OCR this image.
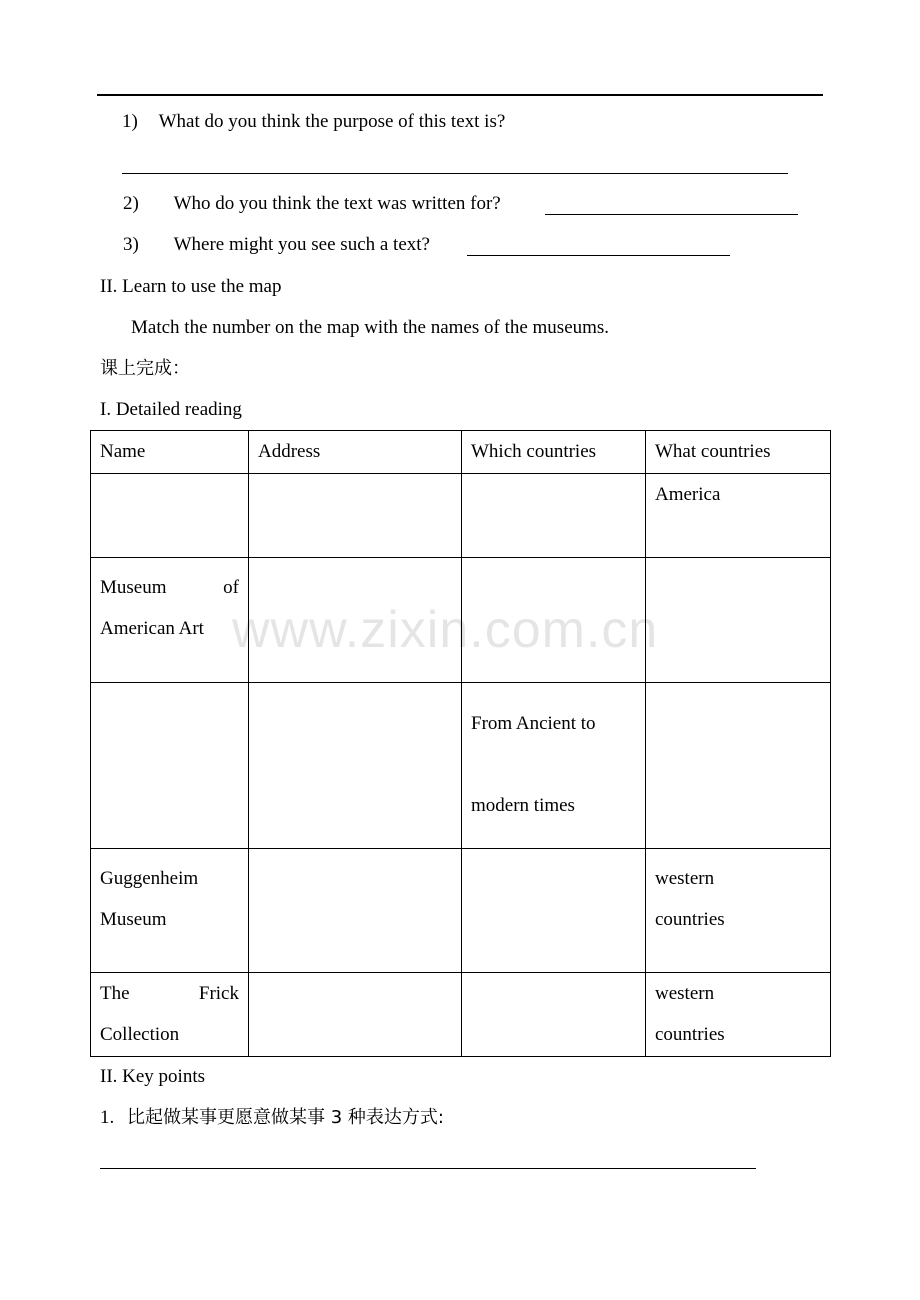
1) What do you think the purpose of this text is?
2) Who do you think the text was written for?
3) Where might you see such a text?
II. Learn to use the map
Match the number on the map with the names of the museums.
课上完成：
I. Detailed reading
Name	Address	Which countries	What countries
			America
Museum of American Art			
		From Ancient to modern times	
Guggenheim Museum			western countries
The Frick Collection			western countries
II. Key points
1. 比起做某事更愿意做某事 3 种表达方式:
www.zixin.com.cn
